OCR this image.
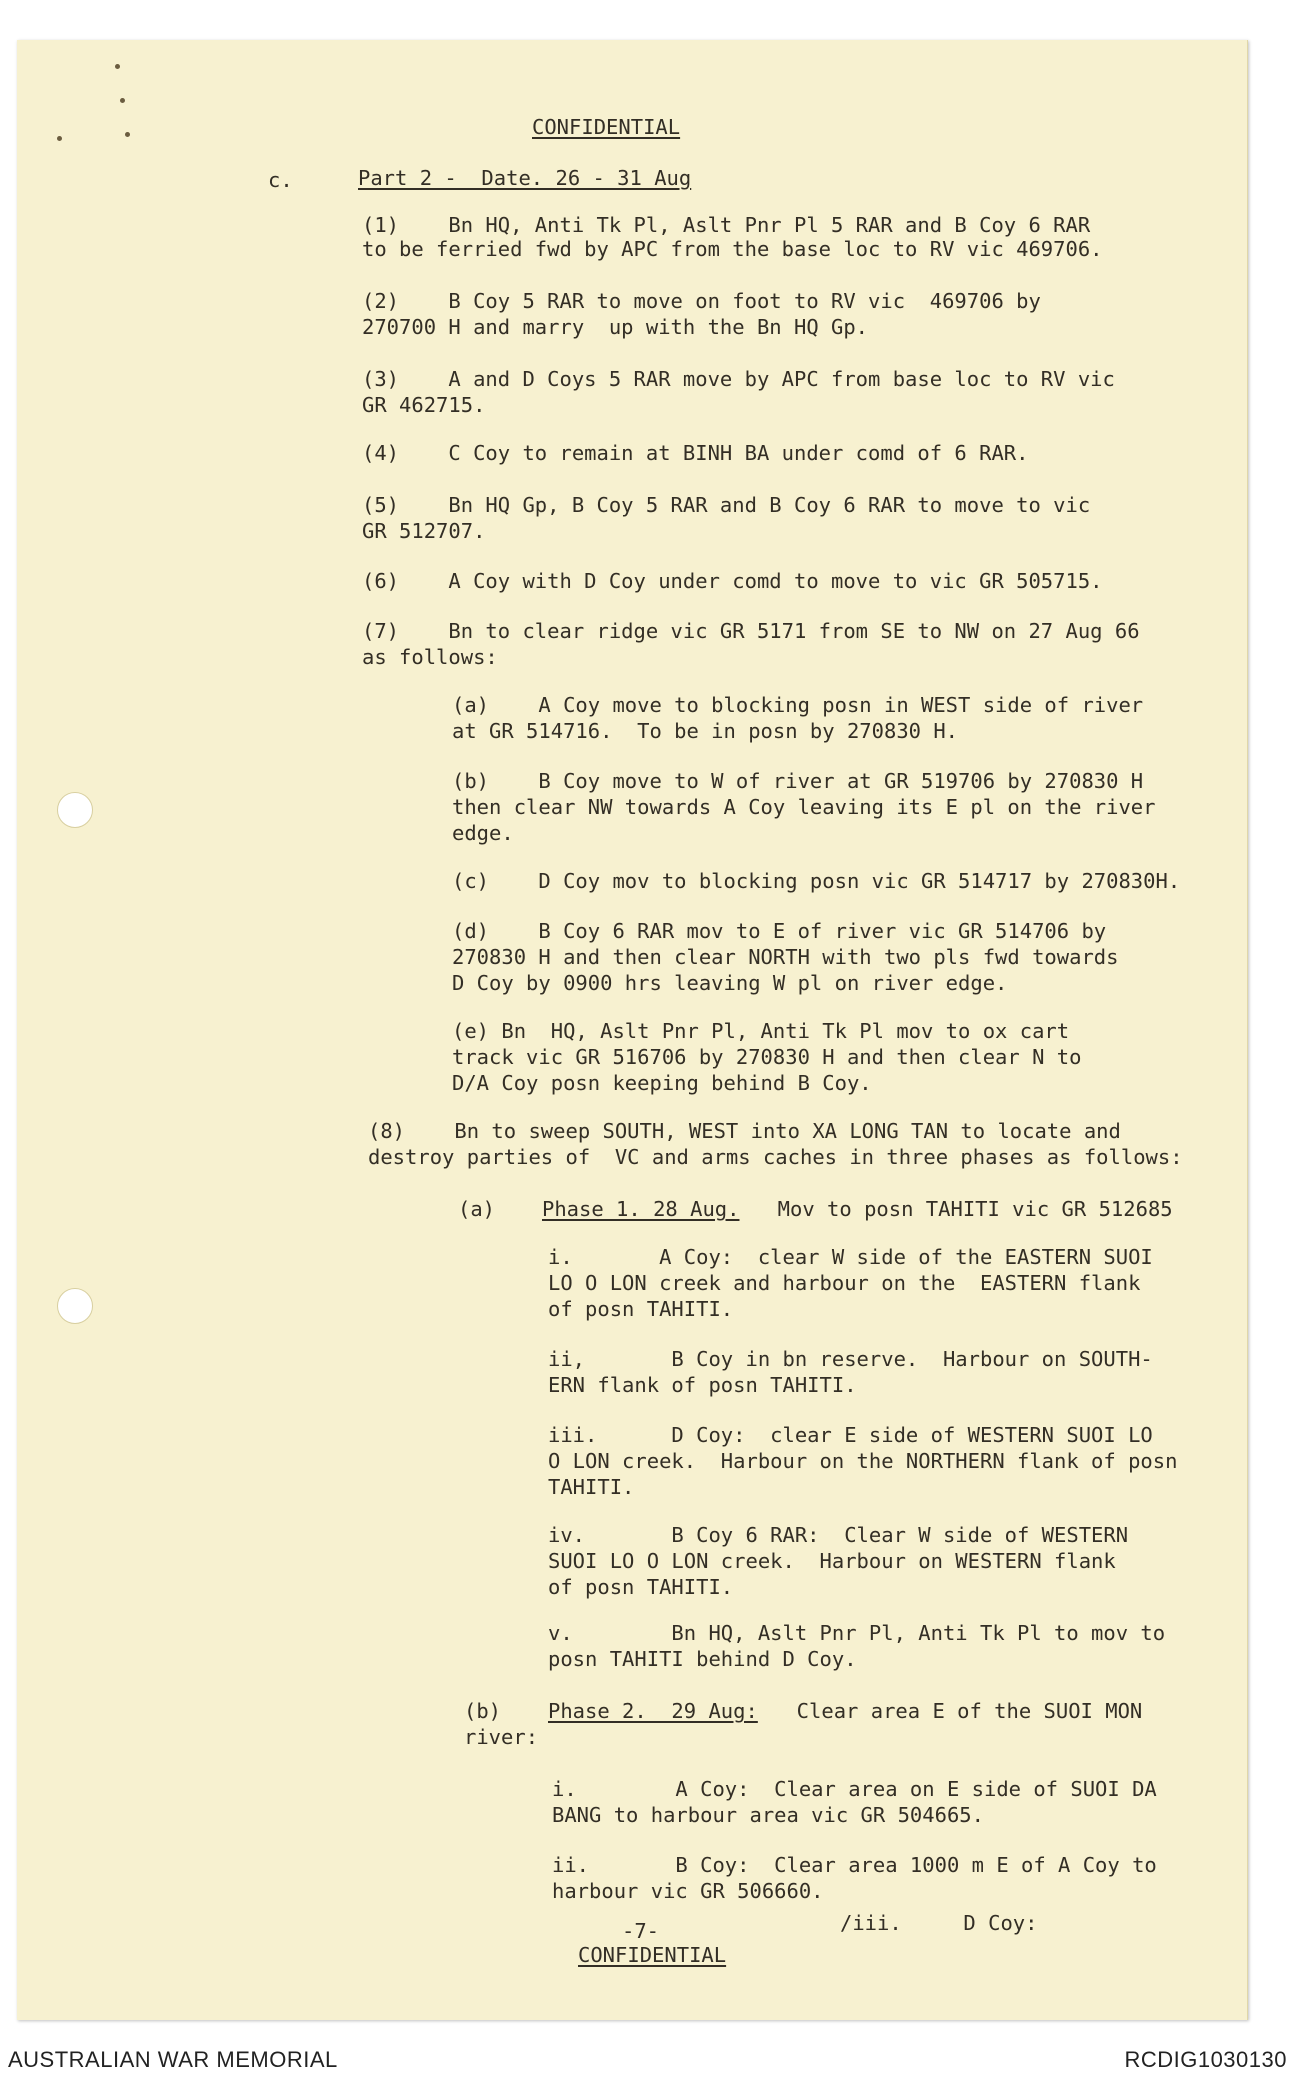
CONFIDENTIAL
c.	Part 2 -  Date. 26 - 31 Aug
(1)    Bn HQ, Anti Tk Pl, Aslt Pnr Pl 5 RAR and B Coy 6 RAR
to be ferried fwd by APC from the base loc to RV vic 469706.
(2)    B Coy 5 RAR to move on foot to RV vic  469706 by
270700 H and marry  up with the Bn HQ Gp.
(3)    A and D Coys 5 RAR move by APC from base loc to RV vic
GR 462715.
(4)    C Coy to remain at BINH BA under comd of 6 RAR.
(5)    Bn HQ Gp, B Coy 5 RAR and B Coy 6 RAR to move to vic
GR 512707.
(6)    A Coy with D Coy under comd to move to vic GR 505715.
(7)    Bn to clear ridge vic GR 5171 from SE to NW on 27 Aug 66
as follows:
(a)    A Coy move to blocking posn in WEST side of river
at GR 514716.  To be in posn by 270830 H.
(b)    B Coy move to W of river at GR 519706 by 270830 H
then clear NW towards A Coy leaving its E pl on the river
edge.
(c)    D Coy mov to blocking posn vic GR 514717 by 270830H.
(d)    B Coy 6 RAR mov to E of river vic GR 514706 by
270830 H and then clear NORTH with two pls fwd towards
D Coy by 0900 hrs leaving W pl on river edge.
(e) Bn  HQ, Aslt Pnr Pl, Anti Tk Pl mov to ox cart
track vic GR 516706 by 270830 H and then clear N to
D/A Coy posn keeping behind B Coy.
(8)    Bn to sweep SOUTH, WEST into XA LONG TAN to locate and
destroy parties of  VC and arms caches in three phases as follows:
(a) Phase 1. 28 Aug. Mov to posn TAHITI vic GR 512685
i.       A Coy:  clear W side of the EASTERN SUOI
LO O LON creek and harbour on the  EASTERN flank
of posn TAHITI.
ii,       B Coy in bn reserve.  Harbour on SOUTH-
ERN flank of posn TAHITI.
iii.      D Coy:  clear E side of WESTERN SUOI LO
O LON creek.  Harbour on the NORTHERN flank of posn
TAHITI.
iv.       B Coy 6 RAR:  Clear W side of WESTERN
SUOI LO O LON creek.  Harbour on WESTERN flank
of posn TAHITI.
v.        Bn HQ, Aslt Pnr Pl, Anti Tk Pl to mov to
posn TAHITI behind D Coy.
(b) Phase 2.  29 Aug: Clear area E of the SUOI MON
river:
i.        A Coy:  Clear area on E side of SUOI DA
BANG to harbour area vic GR 504665.
ii.       B Coy:  Clear area 1000 m E of A Coy to
harbour vic GR 506660.
-7-	/iii.     D Coy:
CONFIDENTIAL
AUSTRALIAN WAR MEMORIAL	RCDIG1030130
